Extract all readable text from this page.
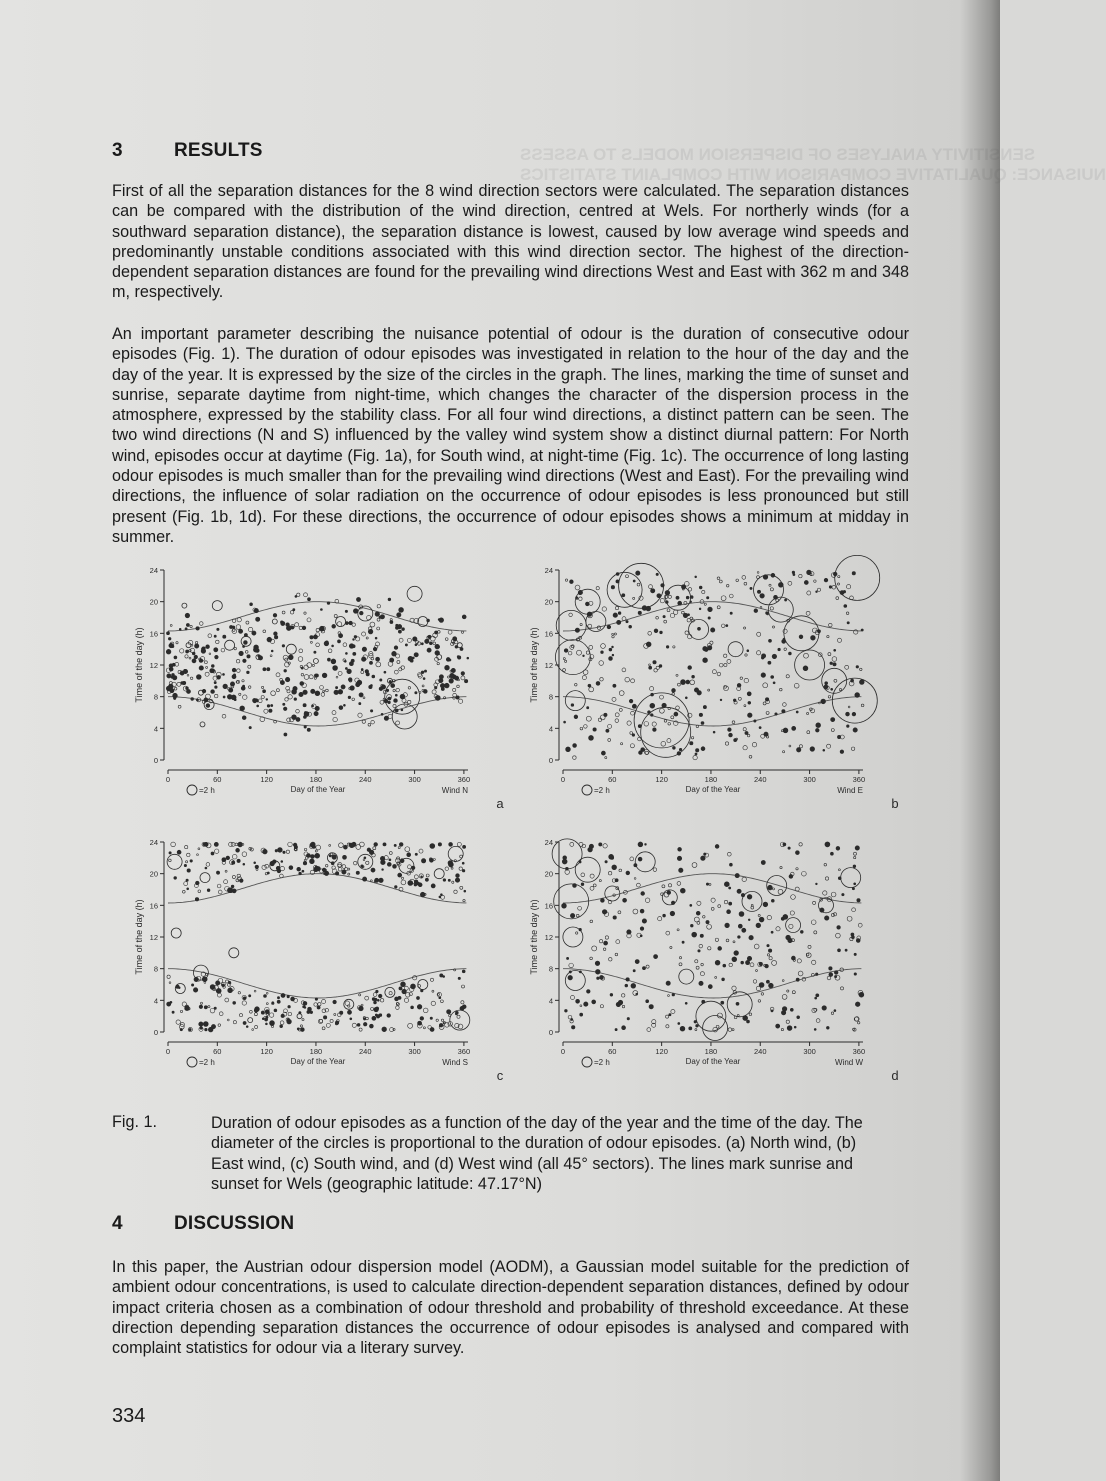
SENSITIVITY ANALYSES OF DISPERSION MODELS TO ASSESS
NUISANCE: QUALITATIVE COMPARISON WITH COMPLAINT STATISTICS
3	RESULTS
First of all the separation distances for the 8 wind direction sectors were calculated. The separation distances can be compared with the distribution of the wind direction, centred at Wels. For northerly winds (for a southward separation distance), the separation distance is lowest, caused by low average wind speeds and predominantly unstable conditions associated with this wind direction sector. The highest of the direction-dependent separation distances are found for the prevailing wind directions West and East with 362 m and 348 m, respectively.
An important parameter describing the nuisance potential of odour is the duration of consecutive odour episodes (Fig. 1). The duration of odour episodes was investigated in relation to the hour of the day and the day of the year. It is expressed by the size of the circles in the graph. The lines, marking the time of sunset and sunrise, separate daytime from night-time, which changes the character of the dispersion process in the atmosphere, expressed by the stability class. For all four wind directions, a distinct pattern can be seen. The two wind directions (N and S) influenced by the valley wind system show a distinct diurnal pattern: For North wind, episodes occur at daytime (Fig. 1a), for South wind, at night-time (Fig. 1c). The occurrence of long lasting odour episodes is much smaller than for the prevailing wind directions (West and East). For the prevailing wind directions, the influence of solar radiation on the occurrence of odour episodes is less pronounced but still present (Fig. 1b, 1d). For these directions, the occurrence of odour episodes shows a minimum at midday in summer.
0
4
8
12
16
20
24
0	60	120	180	240	300	360
Time of the day (h)
Day of the Year	Wind N
=2 h
a
0
4
8
12
16
20
24
0	60	120	180	240	300	360
Time of the day (h)
Day of the Year	Wind E
=2 h
b
0
4
8
12
16
20
24
0	60	120	180	240	300	360
Time of the day (h)
Day of the Year	Wind S
=2 h
c
0
4
8
12
16
20
24
0	60	120	180	240	300	360
Time of the day (h)
Day of the Year	Wind W
=2 h
d
Fig. 1.	Duration of odour episodes as a function of the day of the year and the time of the day. The diameter of the circles is proportional to the duration of odour episodes. (a) North wind, (b) East wind, (c) South wind, and (d) West wind (all 45° sectors). The lines mark sunrise and sunset for Wels (geographic latitude: 47.17°N)
4	DISCUSSION
In this paper, the Austrian odour dispersion model (AODM), a Gaussian model suitable for the prediction of ambient odour concentrations, is used to calculate direction-dependent separation distances, defined by odour impact criteria chosen as a combination of odour threshold and probability of threshold exceedance. At these direction depending separation distances the occurrence of odour episodes is analysed and compared with complaint statistics for odour via a literary survey.
334
